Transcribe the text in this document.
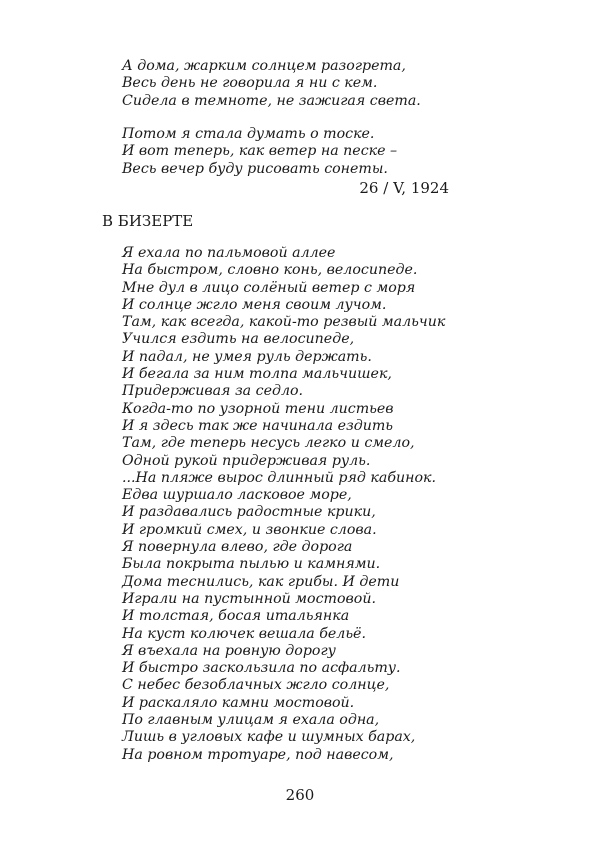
А дома, жарким солнцем разогрета,
Весь день не говорила я ни с кем.
Сидела в темноте, не зажигая света.
Потом я стала думать о тоске.
И вот теперь, как ветер на песке –
Весь вечер буду рисовать сонеты.
26 / V, 1924
В БИЗЕРТЕ
Я ехала по пальмовой аллее
На быстром, словно конь, велосипеде.
Мне дул в лицо солёный ветер с моря
И солнце жгло меня своим лучом.
Там, как всегда, какой-то резвый мальчик
Учился ездить на велосипеде,
И падал, не умея руль держать.
И бегала за ним толпа мальчишек,
Придерживая за седло.
Когда-то по узорной тени листьев
И я здесь так же начинала ездить
Там, где теперь несусь легко и смело,
Одной рукой придерживая руль.
...На пляже вырос длинный ряд кабинок.
Едва шуршало ласковое море,
И раздавались радостные крики,
И громкий смех, и звонкие слова.
Я повернула влево, где дорога
Была покрыта пылью и камнями.
Дома теснились, как грибы. И дети
Играли на пустынной мостовой.
И толстая, босая итальянка
На куст колючек вешала бельё.
Я въехала на ровную дорогу
И быстро заскользила по асфальту.
С небес безоблачных жгло солнце,
И раскаляло камни мостовой.
По главным улицам я ехала одна,
Лишь в угловых кафе и шумных барах,
На ровном тротуаре, под навесом,
260
